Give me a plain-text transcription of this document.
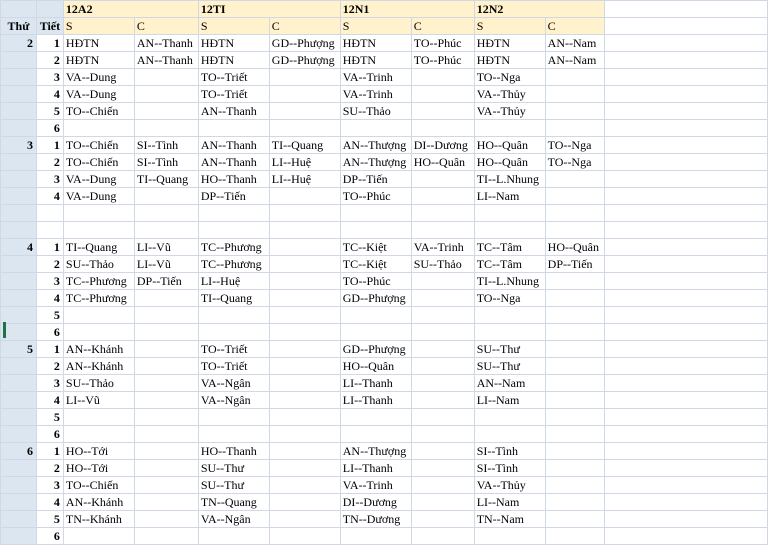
		12A2		12TI		12N1		12N2		
Thứ	Tiết	S	C	S	C	S	C	S	C	
2	1	HĐTN	AN--Thanh	HĐTN	GD--Phượng	HĐTN	TO--Phúc	HĐTN	AN--Nam	
	2	HĐTN	AN--Thanh	HĐTN	GD--Phượng	HĐTN	TO--Phúc	HĐTN	AN--Nam	
	3	VA--Dung		TO--Triết		VA--Trinh		TO--Nga		
	4	VA--Dung		TO--Triết		VA--Trinh		VA--Thủy		
	5	TO--Chiến		AN--Thanh		SU--Thảo		VA--Thủy		
	6									
3	1	TO--Chiến	SI--Tình	AN--Thanh	TI--Quang	AN--Thượng	DI--Dương	HO--Quân	TO--Nga	
	2	TO--Chiến	SI--Tình	AN--Thanh	LI--Huệ	AN--Thượng	HO--Quân	HO--Quân	TO--Nga	
	3	VA--Dung	TI--Quang	HO--Thanh	LI--Huệ	DP--Tiến		TI--L.Nhung		
	4	VA--Dung		DP--Tiến		TO--Phúc		LI--Nam		

4	1	TI--Quang	LI--Vũ	TC--Phương		TC--Kiệt	VA--Trinh	TC--Tâm	HO--Quân	
	2	SU--Thảo	LI--Vũ	TC--Phương		TC--Kiệt	SU--Thảo	TC--Tâm	DP--Tiến	
	3	TC--Phương	DP--Tiến	LI--Huệ		TO--Phúc		TI--L.Nhung		
	4	TC--Phương		TI--Quang		GD--Phượng		TO--Nga		
	5									
	6									
5	1	AN--Khánh		TO--Triết		GD--Phượng		SU--Thư		
	2	AN--Khánh		TO--Triết		HO--Quân		SU--Thư		
	3	SU--Thảo		VA--Ngân		LI--Thanh		AN--Nam		
	4	LI--Vũ		VA--Ngân		LI--Thanh		LI--Nam		
	5									
	6									
6	1	HO--Tới		HO--Thanh		AN--Thượng		SI--Tình		
	2	HO--Tới		SU--Thư		LI--Thanh		SI--Tình		
	3	TO--Chiến		SU--Thư		VA--Trinh		VA--Thủy		
	4	AN--Khánh		TN--Quang		DI--Dương		LI--Nam		
	5	TN--Khánh		VA--Ngân		TN--Dương		TN--Nam		
	6									
